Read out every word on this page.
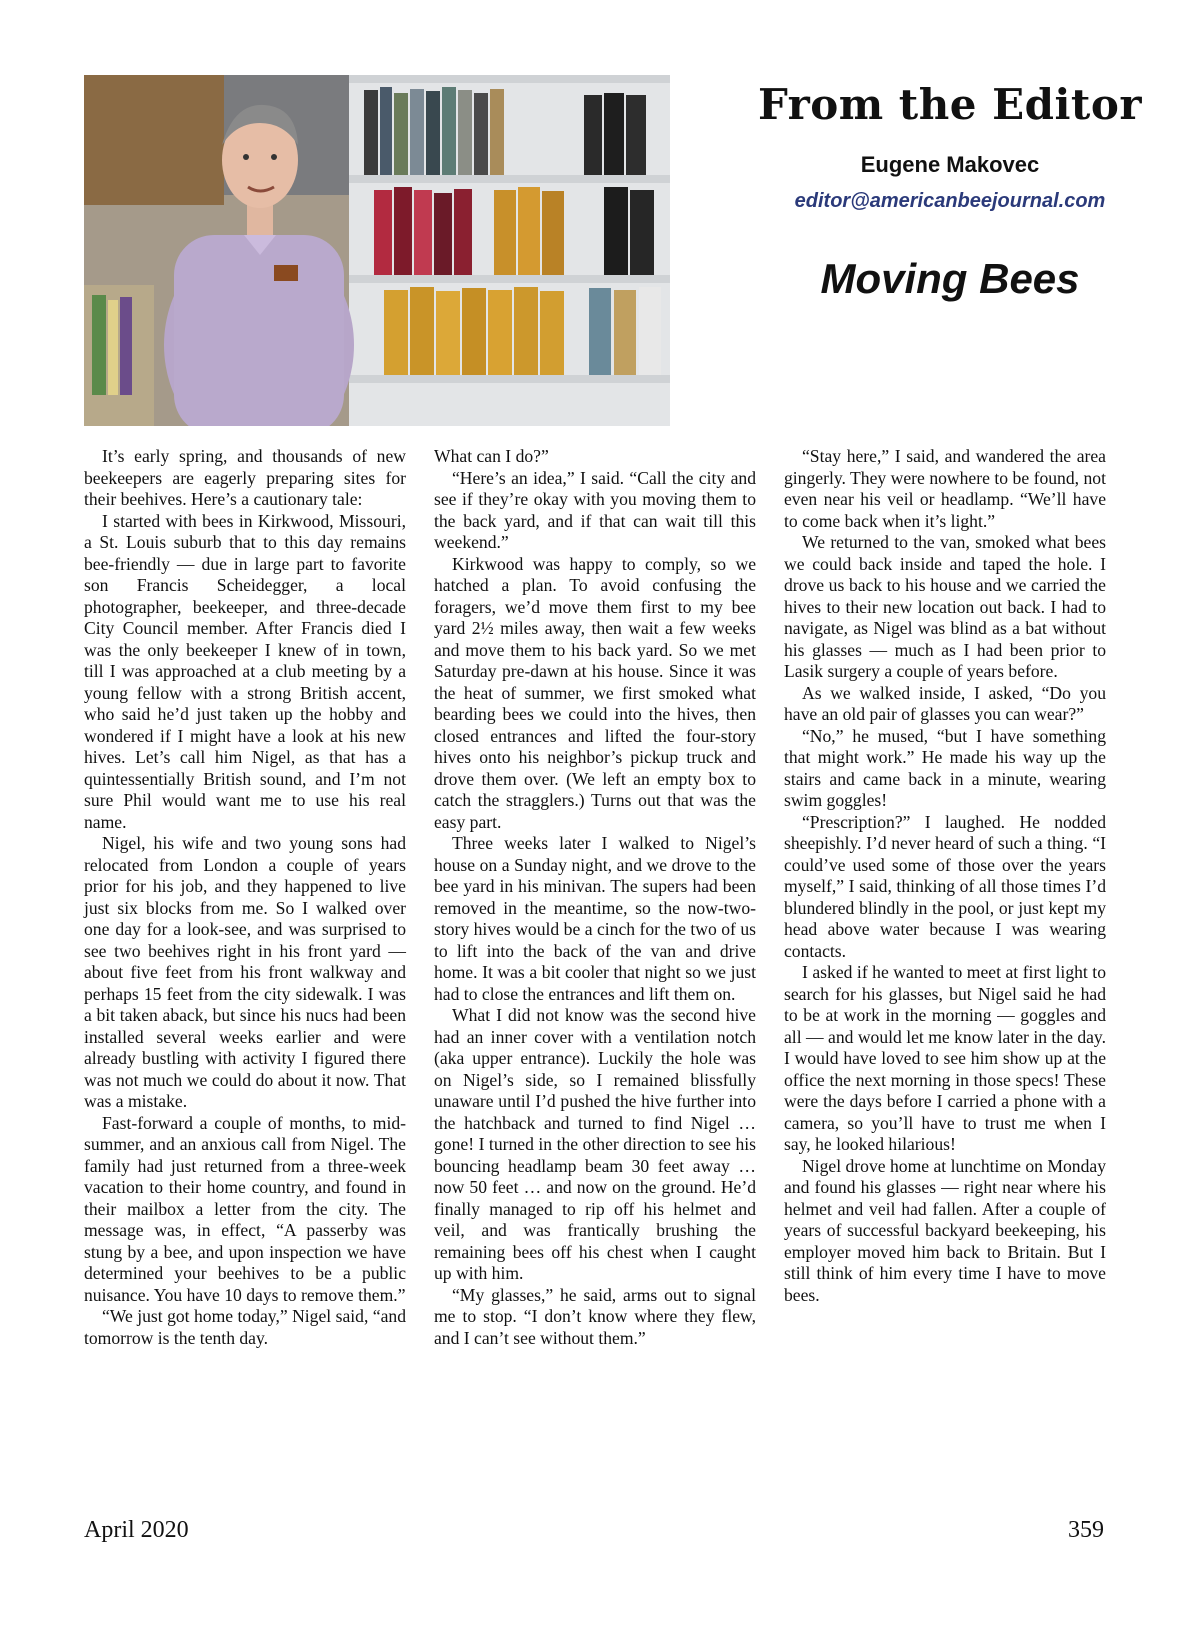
From the Editor
Eugene Makovec
editor@americanbeejournal.com
Moving Bees

It’s early spring, and thousands of new beekeepers are eagerly preparing sites for their beehives. Here’s a cautionary tale:

I started with bees in Kirkwood, Missouri, a St. Louis suburb that to this day remains bee-friendly — due in large part to favorite son Francis Scheidegger, a local photographer, beekeeper, and three-decade City Council member. After Francis died I was the only beekeeper I knew of in town, till I was approached at a club meeting by a young fellow with a strong British accent, who said he’d just taken up the hobby and wondered if I might have a look at his new hives. Let’s call him Nigel, as that has a quintessentially British sound, and I’m not sure Phil would want me to use his real name.

Nigel, his wife and two young sons had relocated from London a couple of years prior for his job, and they happened to live just six blocks from me. So I walked over one day for a look-see, and was surprised to see two beehives right in his front yard — about five feet from his front walkway and perhaps 15 feet from the city sidewalk. I was a bit taken aback, but since his nucs had been installed several weeks earlier and were already bustling with activity I figured there was not much we could do about it now. That was a mistake.

Fast-forward a couple of months, to mid-summer, and an anxious call from Nigel. The family had just returned from a three-week vacation to their home country, and found in their mailbox a letter from the city. The message was, in effect, “A passerby was stung by a bee, and upon inspection we have determined your beehives to be a public nuisance. You have 10 days to remove them.”

“We just got home today,” Nigel said, “and tomorrow is the tenth day.

What can I do?”

“Here’s an idea,” I said. “Call the city and see if they’re okay with you moving them to the back yard, and if that can wait till this weekend.”

Kirkwood was happy to comply, so we hatched a plan. To avoid confusing the foragers, we’d move them first to my bee yard 2½ miles away, then wait a few weeks and move them to his back yard. So we met Saturday pre-dawn at his house. Since it was the heat of summer, we first smoked what bearding bees we could into the hives, then closed entrances and lifted the four-story hives onto his neighbor’s pickup truck and drove them over. (We left an empty box to catch the stragglers.) Turns out that was the easy part.

Three weeks later I walked to Nigel’s house on a Sunday night, and we drove to the bee yard in his minivan. The supers had been removed in the meantime, so the now-two-story hives would be a cinch for the two of us to lift into the back of the van and drive home. It was a bit cooler that night so we just had to close the entrances and lift them on.

What I did not know was the second hive had an inner cover with a ventilation notch (aka upper entrance). Luckily the hole was on Nigel’s side, so I remained blissfully unaware until I’d pushed the hive further into the hatchback and turned to find Nigel … gone! I turned in the other direction to see his bouncing headlamp beam 30 feet away … now 50 feet … and now on the ground. He’d finally managed to rip off his helmet and veil, and was frantically brushing the remaining bees off his chest when I caught up with him.

“My glasses,” he said, arms out to signal me to stop. “I don’t know where they flew, and I can’t see without them.”

“Stay here,” I said, and wandered the area gingerly. They were nowhere to be found, not even near his veil or headlamp. “We’ll have to come back when it’s light.”

We returned to the van, smoked what bees we could back inside and taped the hole. I drove us back to his house and we carried the hives to their new location out back. I had to navigate, as Nigel was blind as a bat without his glasses — much as I had been prior to Lasik surgery a couple of years before.

As we walked inside, I asked, “Do you have an old pair of glasses you can wear?”

“No,” he mused, “but I have something that might work.” He made his way up the stairs and came back in a minute, wearing swim goggles!

“Prescription?” I laughed. He nodded sheepishly. I’d never heard of such a thing. “I could’ve used some of those over the years myself,” I said, thinking of all those times I’d blundered blindly in the pool, or just kept my head above water because I was wearing contacts.

I asked if he wanted to meet at first light to search for his glasses, but Nigel said he had to be at work in the morning — goggles and all — and would let me know later in the day. I would have loved to see him show up at the office the next morning in those specs! These were the days before I carried a phone with a camera, so you’ll have to trust me when I say, he looked hilarious!

Nigel drove home at lunchtime on Monday and found his glasses — right near where his helmet and veil had fallen. After a couple of years of successful backyard beekeeping, his employer moved him back to Britain. But I still think of him every time I have to move bees.

April 2020	359
